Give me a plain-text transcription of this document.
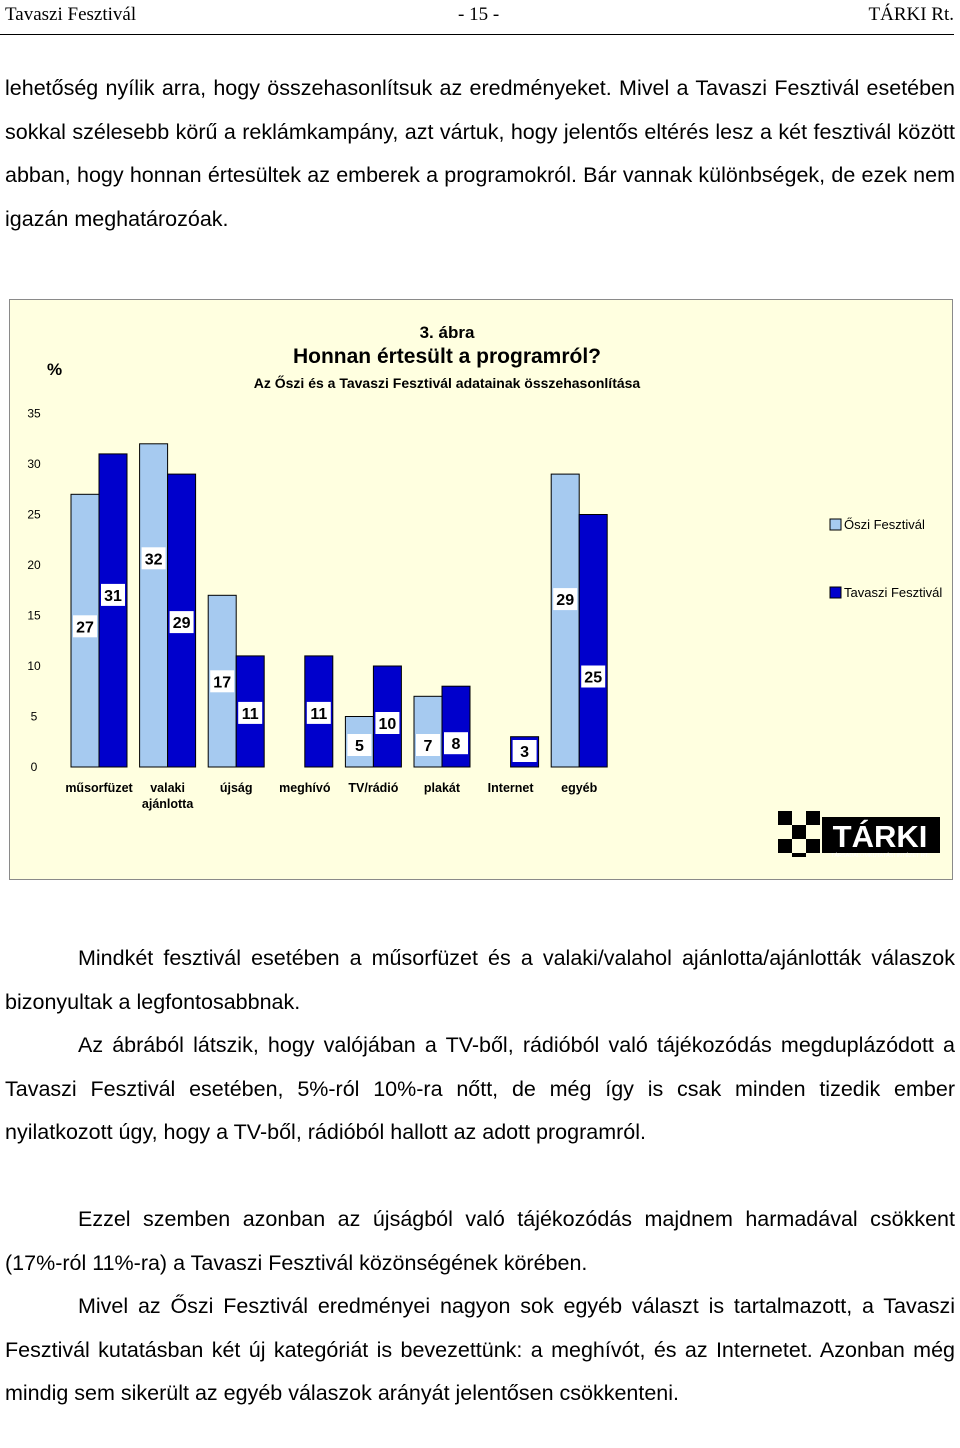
Tavaszi Fesztivál	- 15 -	TÁRKI Rt.

lehetőség nyílik arra, hogy összehasonlítsuk az eredményeket. Mivel a Tavaszi Fesztivál esetében sokkal szélesebb körű a reklámkampány, azt vártuk, hogy jelentős eltérés lesz a két fesztivál között abban, hogy honnan értesültek az emberek a programokról. Bár vannak különbségek, de ezek nem igazán meghatározóak.

3. ábra
Honnan értesült a programról?
Az Őszi és a Tavaszi Fesztivál adatainak összehasonlítása
%
27
31
32
29
17
11	11
5
10
7 8	3
29
25
0
5
10
15
20
25
30
35
műsorfüzet valaki
ajánlotta
újság meghívó TV/rádió plakát Internet egyéb
Őszi Fesztivál
Tavaszi Fesztivál
TÁRKI
TÁRSADALOMKUTATÁSI INTÉZET RT.

Mindkét fesztivál esetében a műsorfüzet és a valaki/valahol ajánlotta/ajánlották válaszok bizonyultak a legfontosabbnak.

Az ábrából látszik, hogy valójában a TV-ből, rádióból való tájékozódás megduplázódott a Tavaszi Fesztivál esetében, 5%-ról 10%-ra nőtt, de még így is csak minden tizedik ember nyilatkozott úgy, hogy a TV-ből, rádióból hallott az adott programról.

Ezzel szemben azonban az újságból való tájékozódás majdnem harmadával csökkent (17%-ról 11%-ra) a Tavaszi Fesztivál közönségének körében.

Mivel az Őszi Fesztivál eredményei nagyon sok egyéb választ is tartalmazott, a Tavaszi Fesztivál kutatásban két új kategóriát is bevezettünk: a meghívót, és az Internetet. Azonban még mindig sem sikerült az egyéb válaszok arányát jelentősen csökkenteni.
